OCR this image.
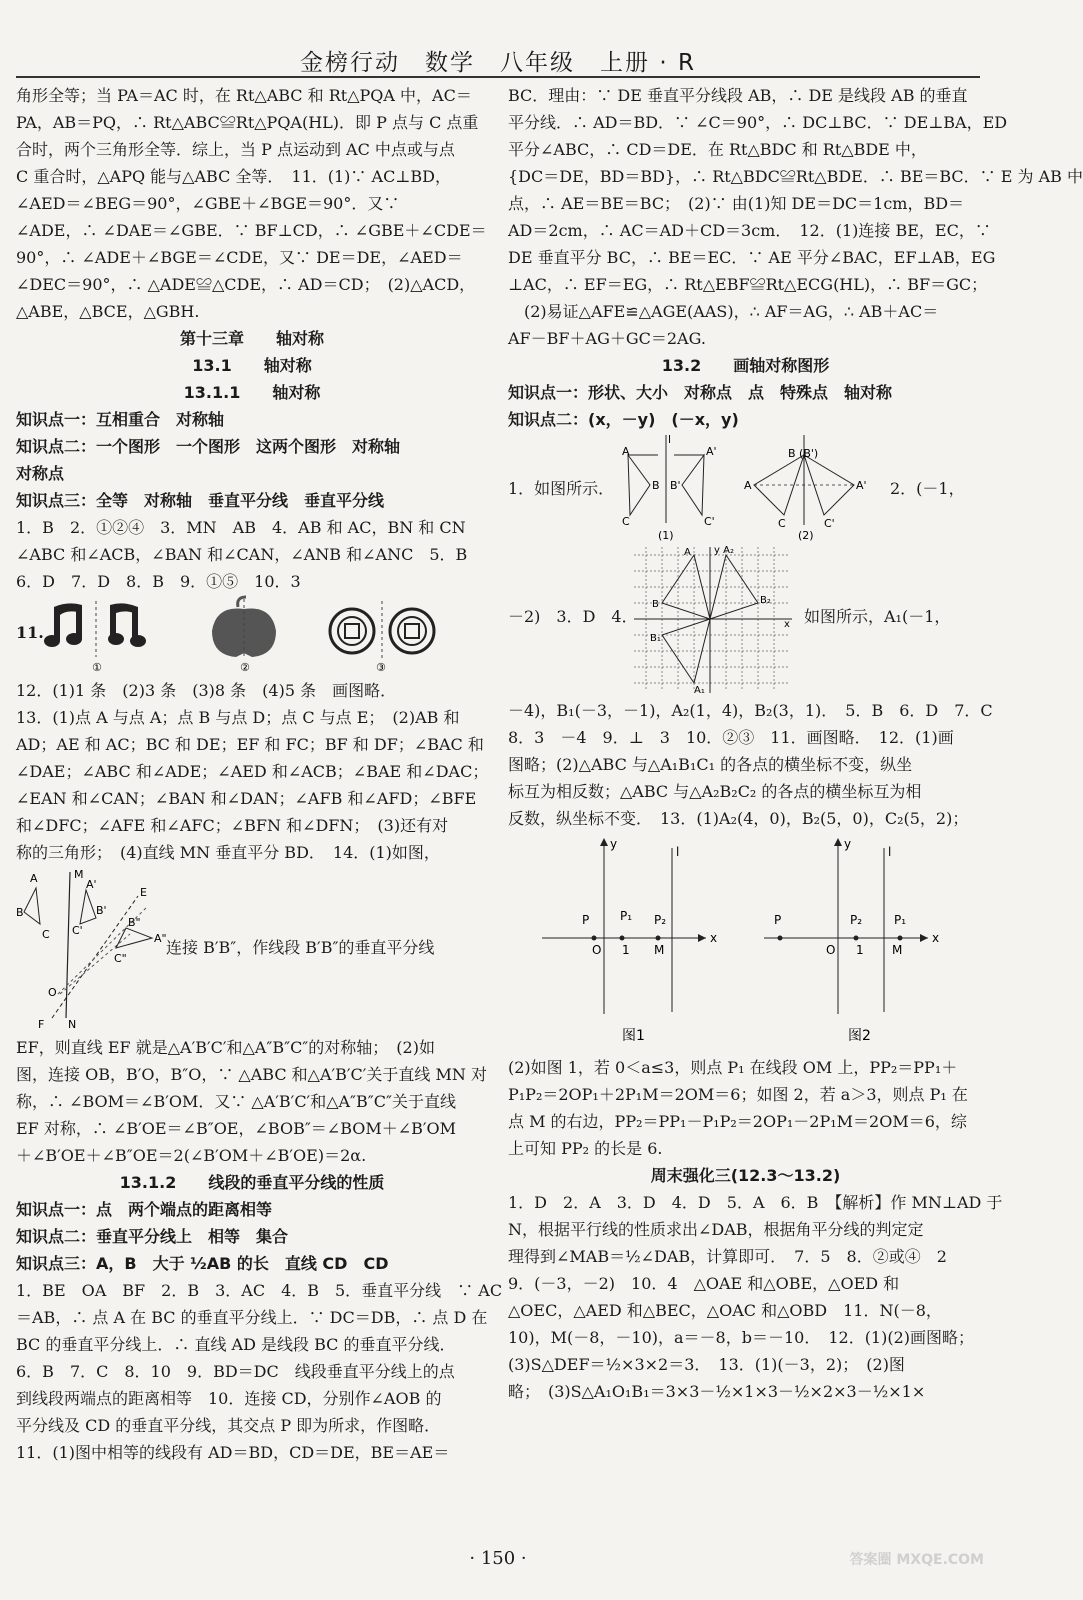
金榜行动　数学　八年级　上册 · R

角形全等；当 PA＝AC 时，在 Rt△ABC 和 Rt△PQA 中，AC＝

PA，AB＝PQ，∴ Rt△ABC≌Rt△PQA(HL)．即 P 点与 C 点重

合时，两个三角形全等．综上，当 P 点运动到 AC 中点或与点

C 重合时，△APQ 能与△ABC 全等．　11．(1)∵ AC⊥BD，

∠AED＝∠BEG＝90°，∠GBE＋∠BGE＝90°．又∵

∠ADE，∴ ∠DAE＝∠GBE．∵ BF⊥CD，∴ ∠GBE＋∠CDE＝

90°，∴ ∠ADE＋∠BGE＝∠CDE，又∵ DE＝DE，∠AED＝

∠DEC＝90°，∴ △ADE≌△CDE，∴ AD＝CD；　(2)△ACD，

△ABE，△BCE，△GBH.

第十三章　　轴对称

13.1　　轴对称

13.1.1　　轴对称

知识点一：互相重合　对称轴

知识点二：一个图形　一个图形　这两个图形　对称轴

对称点

知识点三：全等　对称轴　垂直平分线　垂直平分线

1．B　2．①②④　3．MN　AB　4．AB 和 AC，BN 和 CN

∠ABC 和∠ACB，∠BAN 和∠CAN，∠ANB 和∠ANC　5．B

6．D　7．D　8．B　9．①⑤　10．3

11.
①	②	③

12．(1)1 条　(2)3 条　(3)8 条　(4)5 条　画图略．

13．(1)点 A 与点 A；点 B 与点 D；点 C 与点 E；　(2)AB 和

AD；AE 和 AC；BC 和 DE；EF 和 FC；BF 和 DF；∠BAC 和

∠DAE；∠ABC 和∠ADE；∠AED 和∠ACB；∠BAE 和∠DAC；

∠EAN 和∠CAN；∠BAN 和∠DAN；∠AFB 和∠AFD；∠BFE

和∠DFC；∠AFE 和∠AFC；∠BFN 和∠DFN；　(3)还有对

称的三角形；　(4)直线 MN 垂直平分 BD．　14．(1)如图，

A
B
C
M
A'
C'
B'
B"
A"
C"
E
O
F N
连接 B′B″，作线段 B′B″的垂直平分线

EF，则直线 EF 就是△A′B′C′和△A″B″C″的对称轴；　(2)如

图，连接 OB，B′O，B″O，∵ △ABC 和△A′B′C′关于直线 MN 对

称，∴ ∠BOM＝∠B′OM．又∵ △A′B′C′和△A″B″C″关于直线

EF 对称，∴ ∠B′OE＝∠B″OE，∠BOB″＝∠BOM＋∠B′OM

＋∠B′OE＋∠B″OE＝2(∠B′OM＋∠B′OE)＝2α.

13.1.2　　线段的垂直平分线的性质

知识点一：点　两个端点的距离相等

知识点二：垂直平分线上　相等　集合

知识点三：A，B　大于 ½AB 的长　直线 CD　CD

1．BE　OA　BF　2．B　3．AC　4．B　5．垂直平分线　∵ AC

＝AB，∴ 点 A 在 BC 的垂直平分线上．∵ DC＝DB，∴ 点 D 在

BC 的垂直平分线上．∴ 直线 AD 是线段 BC 的垂直平分线．

6．B　7．C　8．10　9．BD＝DC　线段垂直平分线上的点

到线段两端点的距离相等　10．连接 CD，分别作∠AOB 的

平分线及 CD 的垂直平分线，其交点 P 即为所求，作图略．

11．(1)图中相等的线段有 AD＝BD，CD＝DE，BE＝AE＝

BC．理由：∵ DE 垂直平分线段 AB，∴ DE 是线段 AB 的垂直

平分线．∴ AD＝BD．∵ ∠C＝90°，∴ DC⊥BC．∵ DE⊥BA，ED

平分∠ABC，∴ CD＝DE．在 Rt△BDC 和 Rt△BDE 中，

{DC＝DE，BD＝BD}，∴ Rt△BDC≌Rt△BDE．∴ BE＝BC．∵ E 为 AB 中

点，∴ AE＝BE＝BC；　(2)∵ 由(1)知 DE＝DC＝1cm，BD＝

AD＝2cm，∴ AC＝AD＋CD＝3cm．　12．(1)连接 BE，EC，∵

DE 垂直平分 BC，∴ BE＝EC．∵ AE 平分∠BAC，EF⊥AB，EG

⊥AC，∴ EF＝EG，∴ Rt△EBF≌Rt△ECG(HL)，∴ BF＝GC；

　(2)易证△AFE≌△AGE(AAS)，∴ AF＝AG，∴ AB＋AC＝

AF－BF＋AG＋GC＝2AG.

13.2　　画轴对称图形

知识点一：形状、大小　对称点　点　特殊点　轴对称

知识点二：(x，－y)　(－x，y)

1．如图所示．
A	A'
B B'
C	C'
l
(1)
B (B')
A	A'
C	C'
(2)
2．(－1，
－2)　3．D　4．
A y A₂
B	B₂
B₁
A₁
x 如图所示，A₁(－1，

－4)，B₁(－3，－1)，A₂(1，4)，B₂(3，1)．　5．B　6．D　7．C

8．3　－4　9．⊥　3　10．②③　11．画图略．　12．(1)画

图略；(2)△ABC 与△A₁B₁C₁ 的各点的横坐标不变，纵坐

标互为相反数；△ABC 与△A₂B₂C₂ 的各点的横坐标互为相

反数，纵坐标不变．　13．(1)A₂(4，0)，B₂(5，0)，C₂(5，2)；

y
l
x
O 1 M
P	P₁ P₂
图1
y
l
x
O 1 M
P	P₂	P₁
图2

(2)如图 1，若 0＜a≤3，则点 P₁ 在线段 OM 上，PP₂＝PP₁＋

P₁P₂＝2OP₁＋2P₁M＝2OM＝6；如图 2，若 a＞3，则点 P₁ 在

点 M 的右边，PP₂＝PP₁－P₁P₂＝2OP₁－2P₁M＝2OM＝6，综

上可知 PP₂ 的长是 6.

周末强化三(12.3～13.2)

1．D　2．A　3．D　4．D　5．A　6．B　【解析】作 MN⊥AD 于

N，根据平行线的性质求出∠DAB，根据角平分线的判定定

理得到∠MAB＝½∠DAB，计算即可．　7．5　8．②或④　2

9．(－3，－2)　10．4　△OAE 和△OBE，△OED 和

△OEC，△AED 和△BEC，△OAC 和△OBD　11．N(－8，

10)，M(－8，－10)，a＝－8，b＝－10．　12．(1)(2)画图略；

(3)S△DEF＝½×3×2＝3．　13．(1)(－3，2)；　(2)图

略；　(3)S△A₁O₁B₁＝3×3－½×1×3－½×2×3－½×1×

· 150 ·	答案圈 MXQE.COM
